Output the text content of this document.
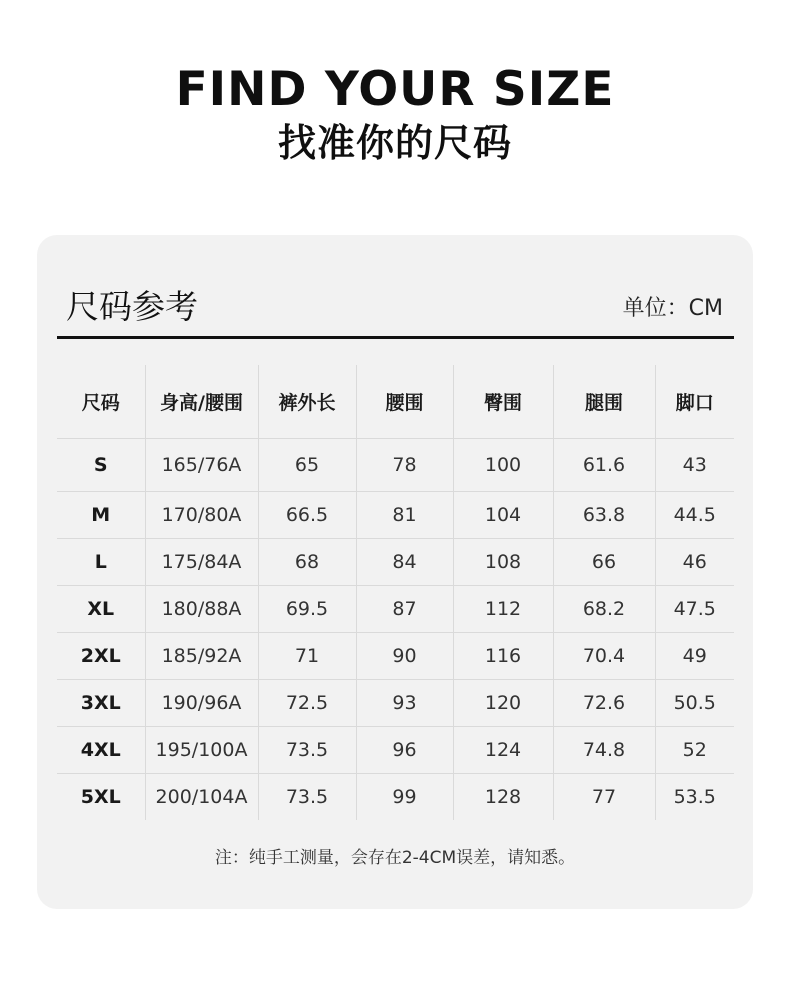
FIND YOUR SIZE
找准你的尺码
尺码参考	单位：CM
尺码	身高/腰围	裤外长	腰围	臀围	腿围	脚口
S	165/76A	65	78	100	61.6	43
M	170/80A	66.5	81	104	63.8	44.5
L	175/84A	68	84	108	66	46
XL	180/88A	69.5	87	112	68.2	47.5
2XL	185/92A	71	90	116	70.4	49
3XL	190/96A	72.5	93	120	72.6	50.5
4XL	195/100A	73.5	96	124	74.8	52
5XL	200/104A	73.5	99	128	77	53.5
注：纯手工测量，会存在2-4CM误差，请知悉。
